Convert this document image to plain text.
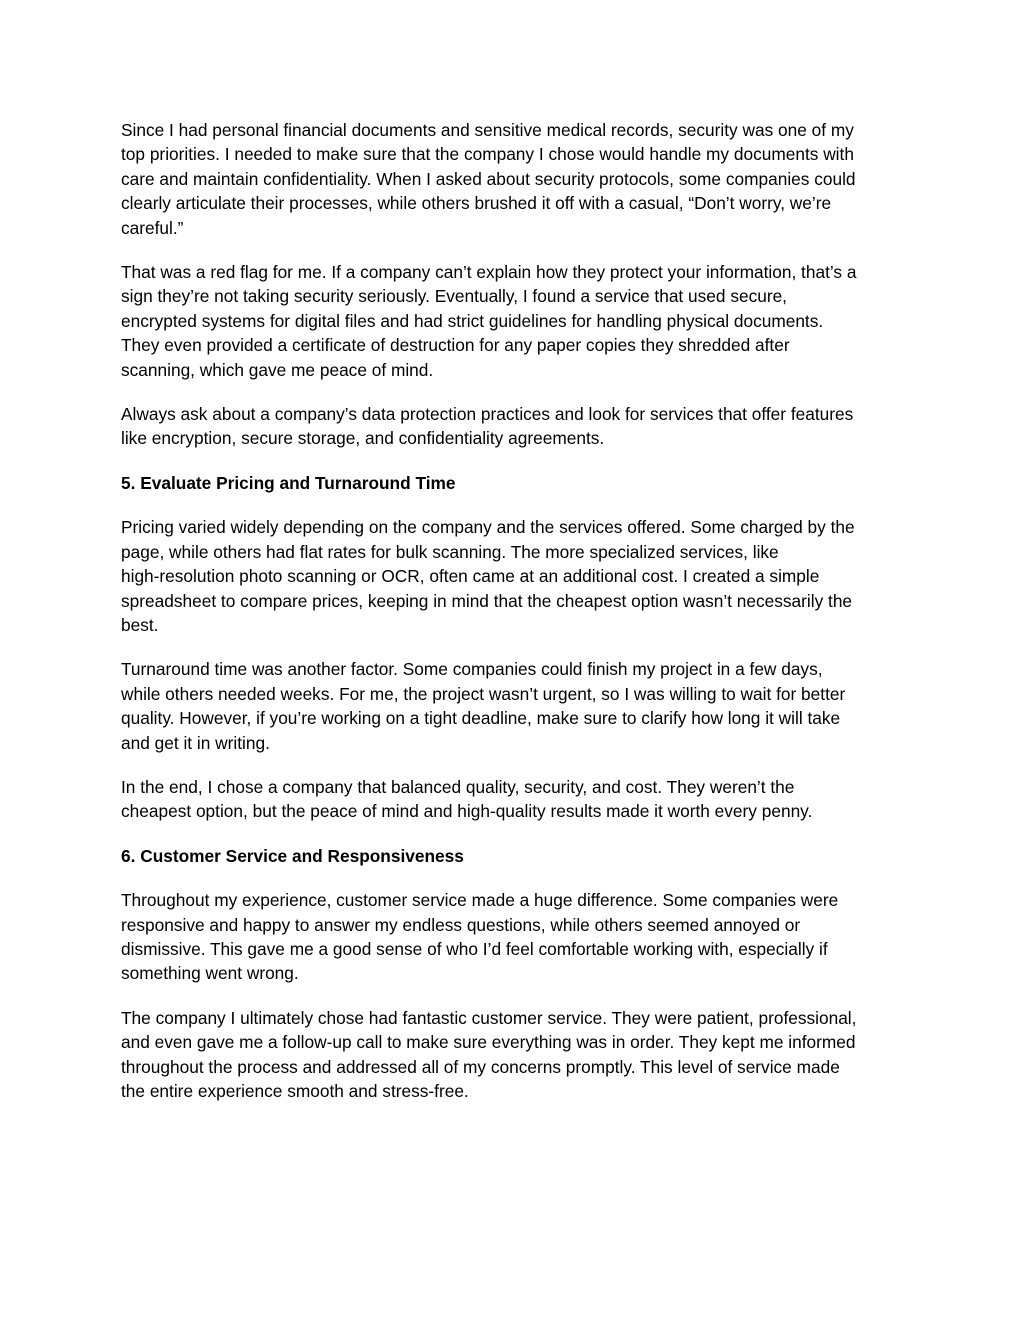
Since I had personal financial documents and sensitive medical records, security was one of my
top priorities. I needed to make sure that the company I chose would handle my documents with
care and maintain confidentiality. When I asked about security protocols, some companies could
clearly articulate their processes, while others brushed it off with a casual, “Don’t worry, we’re
careful.”

That was a red flag for me. If a company can’t explain how they protect your information, that’s a
sign they’re not taking security seriously. Eventually, I found a service that used secure,
encrypted systems for digital files and had strict guidelines for handling physical documents.
They even provided a certificate of destruction for any paper copies they shredded after
scanning, which gave me peace of mind.

Always ask about a company’s data protection practices and look for services that offer features
like encryption, secure storage, and confidentiality agreements.

5. Evaluate Pricing and Turnaround Time

Pricing varied widely depending on the company and the services offered. Some charged by the
page, while others had flat rates for bulk scanning. The more specialized services, like
high-resolution photo scanning or OCR, often came at an additional cost. I created a simple
spreadsheet to compare prices, keeping in mind that the cheapest option wasn’t necessarily the
best.

Turnaround time was another factor. Some companies could finish my project in a few days,
while others needed weeks. For me, the project wasn’t urgent, so I was willing to wait for better
quality. However, if you’re working on a tight deadline, make sure to clarify how long it will take
and get it in writing.

In the end, I chose a company that balanced quality, security, and cost. They weren’t the
cheapest option, but the peace of mind and high-quality results made it worth every penny.

6. Customer Service and Responsiveness

Throughout my experience, customer service made a huge difference. Some companies were
responsive and happy to answer my endless questions, while others seemed annoyed or
dismissive. This gave me a good sense of who I’d feel comfortable working with, especially if
something went wrong.

The company I ultimately chose had fantastic customer service. They were patient, professional,
and even gave me a follow-up call to make sure everything was in order. They kept me informed
throughout the process and addressed all of my concerns promptly. This level of service made
the entire experience smooth and stress-free.
